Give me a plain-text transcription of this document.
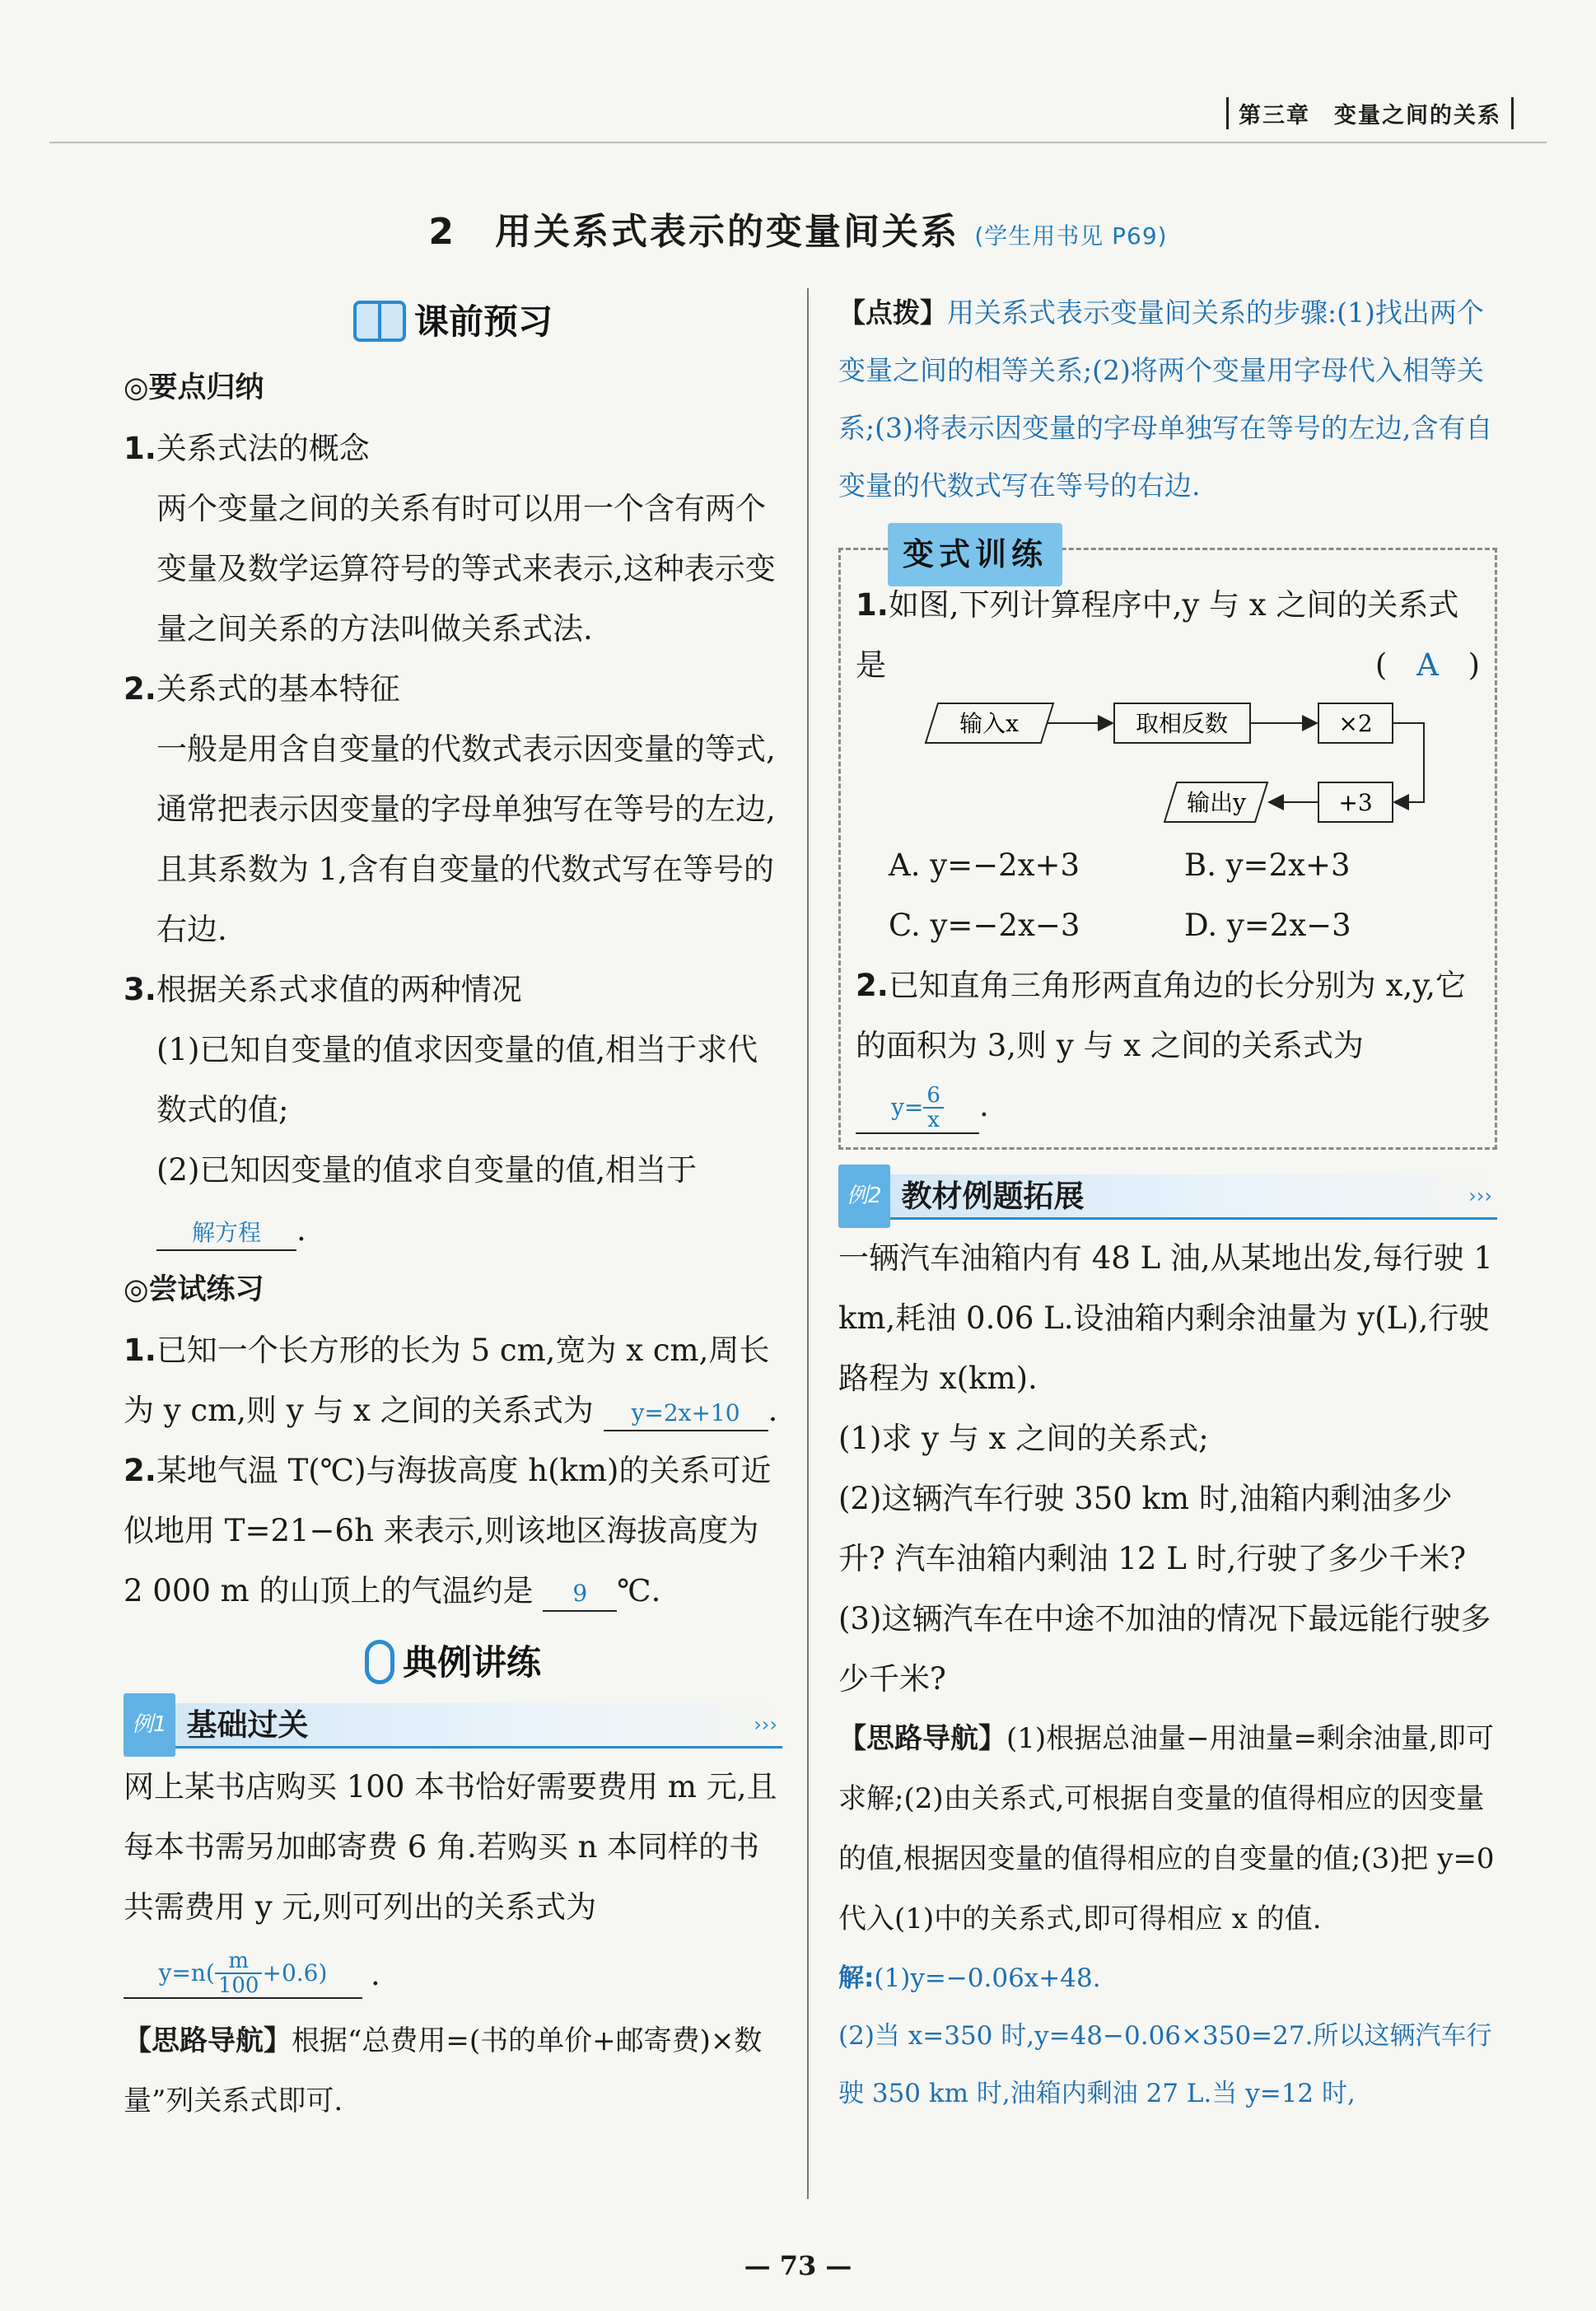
第三章　变量之间的关系
2　用关系式表示的变量间关系 (学生用书见 P69)
课前预习

◎要点归纳

1.关系式法的概念

两个变量之间的关系有时可以用一个含有两个变量及数学运算符号的等式来表示,这种表示变量之间关系的方法叫做关系式法.

2.关系式的基本特征

一般是用含自变量的代数式表示因变量的等式,通常把表示因变量的字母单独写在等号的左边,且其系数为 1,含有自变量的代数式写在等号的右边.

3.根据关系式求值的两种情况

(1)已知自变量的值求因变量的值,相当于求代数式的值;

(2)已知因变量的值求自变量的值,相当于 解方程 .

◎尝试练习

1.已知一个长方形的长为 5 cm,宽为 x cm,周长为 y cm,则 y 与 x 之间的关系式为 y=2x+10 .

2.某地气温 T(℃)与海拔高度 h(km)的关系可近似地用 T=21−6h 来表示,则该地区海拔高度为 2 000 m 的山顶上的气温约是 9 ℃.

典例讲练
例1 基础过关	›››

网上某书店购买 100 本书恰好需要费用 m 元,且每本书需另加邮寄费 6 角.若购买 n 本同样的书共需费用 y 元,则可列出的关系式为

$y=n( \frac{m}{100} +0.6)$ .

【思路导航】根据“总费用=(书的单价+邮寄费)×数量”列关系式即可.

【点拨】用关系式表示变量间关系的步骤:(1)找出两个变量之间的相等关系;(2)将两个变量用字母代入相等关系;(3)将表示因变量的字母单独写在等号的左边,含有自变量的代数式写在等号的右边.

变式训练

1.如图,下列计算程序中,y 与 x 之间的关系式是	( A )

输入x	取相反数	×2
+3
输出y
A. y=−2x+3	B. y=2x+3
C. y=−2x−3	D. y=2x−3

2.已知直角三角形两直角边的长分别为 x,y,它的面积为 3,则 y 与 x 之间的关系式为
$y= \frac{6}{x}$ .

例2 教材例题拓展	›››

一辆汽车油箱内有 48 L 油,从某地出发,每行驶 1 km,耗油 0.06 L.设油箱内剩余油量为 y(L),行驶路程为 x(km).

(1)求 y 与 x 之间的关系式;

(2)这辆汽车行驶 350 km 时,油箱内剩油多少升? 汽车油箱内剩油 12 L 时,行驶了多少千米?

(3)这辆汽车在中途不加油的情况下最远能行驶多少千米?

【思路导航】(1)根据总油量−用油量=剩余油量,即可求解;(2)由关系式,可根据自变量的值得相应的因变量的值,根据因变量的值得相应的自变量的值;(3)把 y=0 代入(1)中的关系式,即可得相应 x 的值.

解:(1)y=−0.06x+48.

(2)当 x=350 时,y=48−0.06×350=27.所以这辆汽车行驶 350 km 时,油箱内剩油 27 L.当 y=12 时,

— 73 —
